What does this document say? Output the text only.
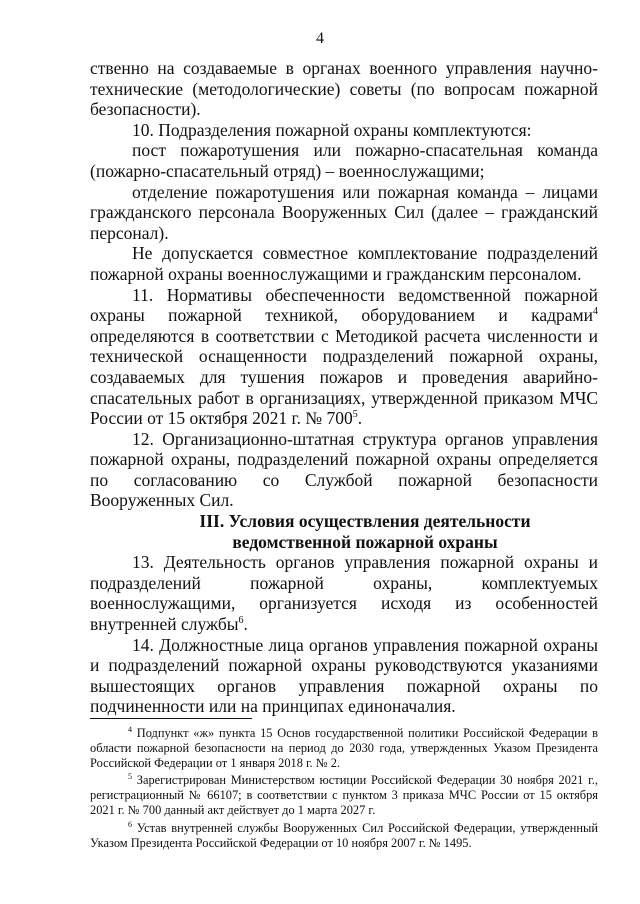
4

ственно на создаваемые в органах военного управления научно-технические (методологические) советы (по вопросам пожарной безопасности).

10. Подразделения пожарной охраны комплектуются:

пост пожаротушения или пожарно-спасательная команда (пожарно-спасательный отряд) – военнослужащими;

отделение пожаротушения или пожарная команда – лицами гражданского персонала Вооруженных Сил (далее – гражданский персонал).

Не допускается совместное комплектование подразделений пожарной охраны военнослужащими и гражданским персоналом.

11. Нормативы обеспеченности ведомственной пожарной охраны пожарной техникой, оборудованием и кадрами$^4$ определяются в соответствии с Методикой расчета численности и технической оснащенности подразделений пожарной охраны, создаваемых для тушения пожаров и проведения аварийно-спасательных работ в организациях, утвержденной приказом МЧС России от 15 октября 2021 г. № $700^5$.

12. Организационно-штатная структура органов управления пожарной охраны, подразделений пожарной охраны определяется по согласованию со Службой пожарной безопасности Вооруженных Сил.

III. Условия осуществления деятельности
ведомственной пожарной охраны

13. Деятельность органов управления пожарной охраны и подразделений пожарной охраны, комплектуемых военнослужащими, организуется исходя из особенностей внутренней службы$^6$.

14. Должностные лица органов управления пожарной охраны и подразделений пожарной охраны руководствуются указаниями вышестоящих органов управления пожарной охраны по подчиненности или на принципах единоначалия.

$^4$ Подпункт «ж» пункта 15 Основ государственной политики Российской Федерации в области пожарной безопасности на период до 2030 года, утвержденных Указом Президента Российской Федерации от 1 января 2018 г. № 2.

$^5$ Зарегистрирован Министерством юстиции Российской Федерации 30 ноября 2021 г., регистрационный № 66107; в соответствии с пунктом 3 приказа МЧС России от 15 октября 2021 г. № 700 данный акт действует до 1 марта 2027 г.

$^6$ Устав внутренней службы Вооруженных Сил Российской Федерации, утвержденный Указом Президента Российской Федерации от 10 ноября 2007 г. № 1495.
